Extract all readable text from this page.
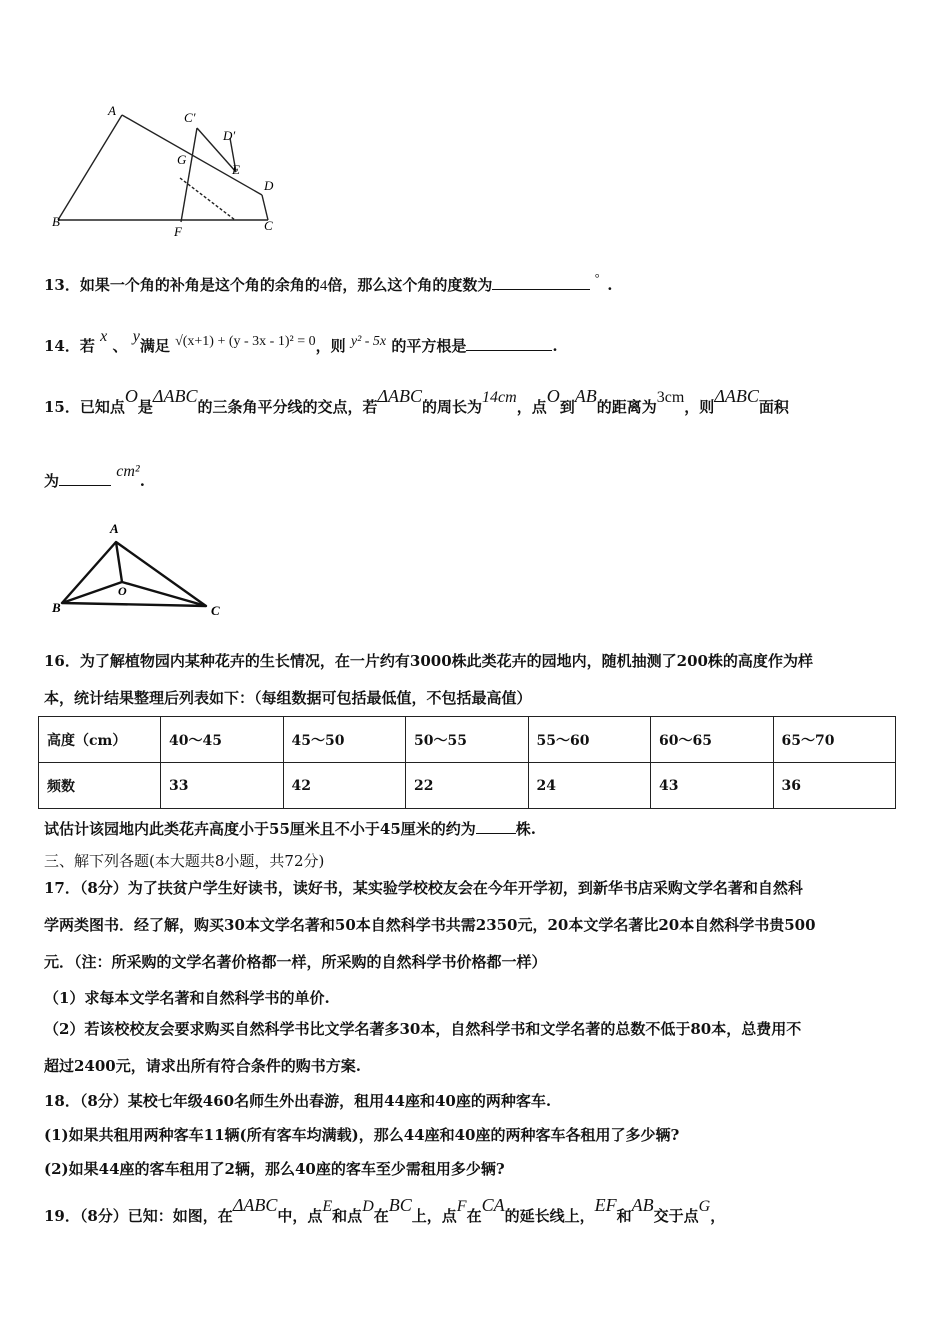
A	C′
D′
G
E
D
B
F	C
13．如果一个角的补角是这个角的余角的4倍，那么这个角的度数为	° .
14．若 x 、 y满足 √(x+1) + (y - 3x - 1)² = 0，则 y² - 5x 的平方根是	.
15．已知点O是ΔABC的三条角平分线的交点，若ΔABC的周长为14cm，点O到AB的距离为3cm，则ΔABC面积
为 cm².
A
O
B	C
16．为了解植物园内某种花卉的生长情况，在一片约有3000株此类花卉的园地内，随机抽测了200株的高度作为样
本，统计结果整理后列表如下：（每组数据可包括最低值，不包括最高值）
高度（cm）	40～45	45～50	50～55	55～60	60～65	65～70
频数	33	42	22	24	43	36
试估计该园地内此类花卉高度小于55厘米且不小于45厘米的约为	株.
三、解下列各题(本大题共8小题，共72分)
17．（8分）为了扶贫户学生好读书，读好书，某实验学校校友会在今年开学初，到新华书店采购文学名著和自然科
学两类图书．经了解，购买30本文学名著和50本自然科学书共需2350元，20本文学名著比20本自然科学书贵500
元．（注：所采购的文学名著价格都一样，所采购的自然科学书价格都一样）
（1）求每本文学名著和自然科学书的单价.
（2）若该校校友会要求购买自然科学书比文学名著多30本，自然科学书和文学名著的总数不低于80本，总费用不
超过2400元，请求出所有符合条件的购书方案.
18．（8分）某校七年级460名师生外出春游，租用44座和40座的两种客车.
(1)如果共租用两种客车11辆(所有客车均满载)，那么44座和40座的两种客车各租用了多少辆?
(2)如果44座的客车租用了2辆，那么40座的客车至少需租用多少辆?
19．（8分）已知：如图，在ΔABC中，点E和点D在BC上，点F在CA的延长线上，EF和AB交于点G，
